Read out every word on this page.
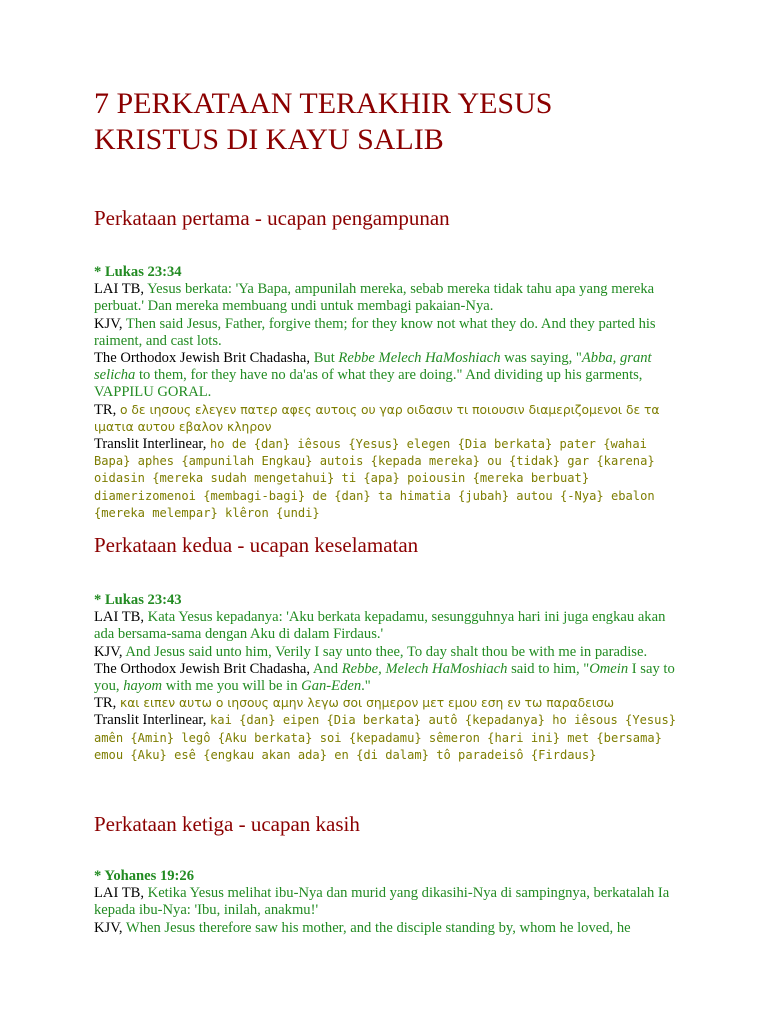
7 PERKATAAN TERAKHIR YESUS
KRISTUS DI KAYU SALIB
Perkataan pertama - ucapan pengampunan
* Lukas 23:34
LAI TB, Yesus berkata: 'Ya Bapa, ampunilah mereka, sebab mereka tidak tahu apa yang mereka perbuat.' Dan mereka membuang undi untuk membagi pakaian-Nya.
KJV, Then said Jesus, Father, forgive them; for they know not what they do. And they parted his raiment, and cast lots.
The Orthodox Jewish Brit Chadasha, But Rebbe Melech HaMoshiach was saying, "Abba, grant selicha to them, for they have no da'as of what they are doing." And dividing up his garments, VAPPILU GORAL.
TR, ο δε ιησους ελεγεν πατερ αφες αυτοις ου γαρ οιδασιν τι ποιουσιν διαμεριζομενοι δε τα ιματια αυτου εβαλον κληρον
Translit Interlinear, ho de {dan} iêsous {Yesus} elegen {Dia berkata} pater {wahai Bapa} aphes {ampunilah Engkau} autois {kepada mereka} ou {tidak} gar {karena} oidasin {mereka sudah mengetahui} ti {apa} poiousin {mereka berbuat} diamerizomenoi {membagi-bagi} de {dan} ta himatia {jubah} autou {-Nya} ebalon {mereka melempar} klêron {undi}
Perkataan kedua - ucapan keselamatan
* Lukas 23:43
LAI TB, Kata Yesus kepadanya: 'Aku berkata kepadamu, sesungguhnya hari ini juga engkau akan ada bersama-sama dengan Aku di dalam Firdaus.'
KJV, And Jesus said unto him, Verily I say unto thee, To day shalt thou be with me in paradise.
The Orthodox Jewish Brit Chadasha, And Rebbe, Melech HaMoshiach said to him, "Omein I say to you, hayom with me you will be in Gan-Eden."
TR, και ειπεν αυτω ο ιησους αμην λεγω σοι σημερον μετ εμου εση εν τω παραδεισω
Translit Interlinear, kai {dan} eipen {Dia berkata} autô {kepadanya} ho iêsous {Yesus} amên {Amin} legô {Aku berkata} soi {kepadamu} sêmeron {hari ini} met {bersama} emou {Aku} esê {engkau akan ada} en {di dalam} tô paradeisô {Firdaus}
Perkataan ketiga - ucapan kasih
* Yohanes 19:26
LAI TB, Ketika Yesus melihat ibu-Nya dan murid yang dikasihi-Nya di sampingnya, berkatalah Ia kepada ibu-Nya: 'Ibu, inilah, anakmu!'
KJV, When Jesus therefore saw his mother, and the disciple standing by, whom he loved, he
